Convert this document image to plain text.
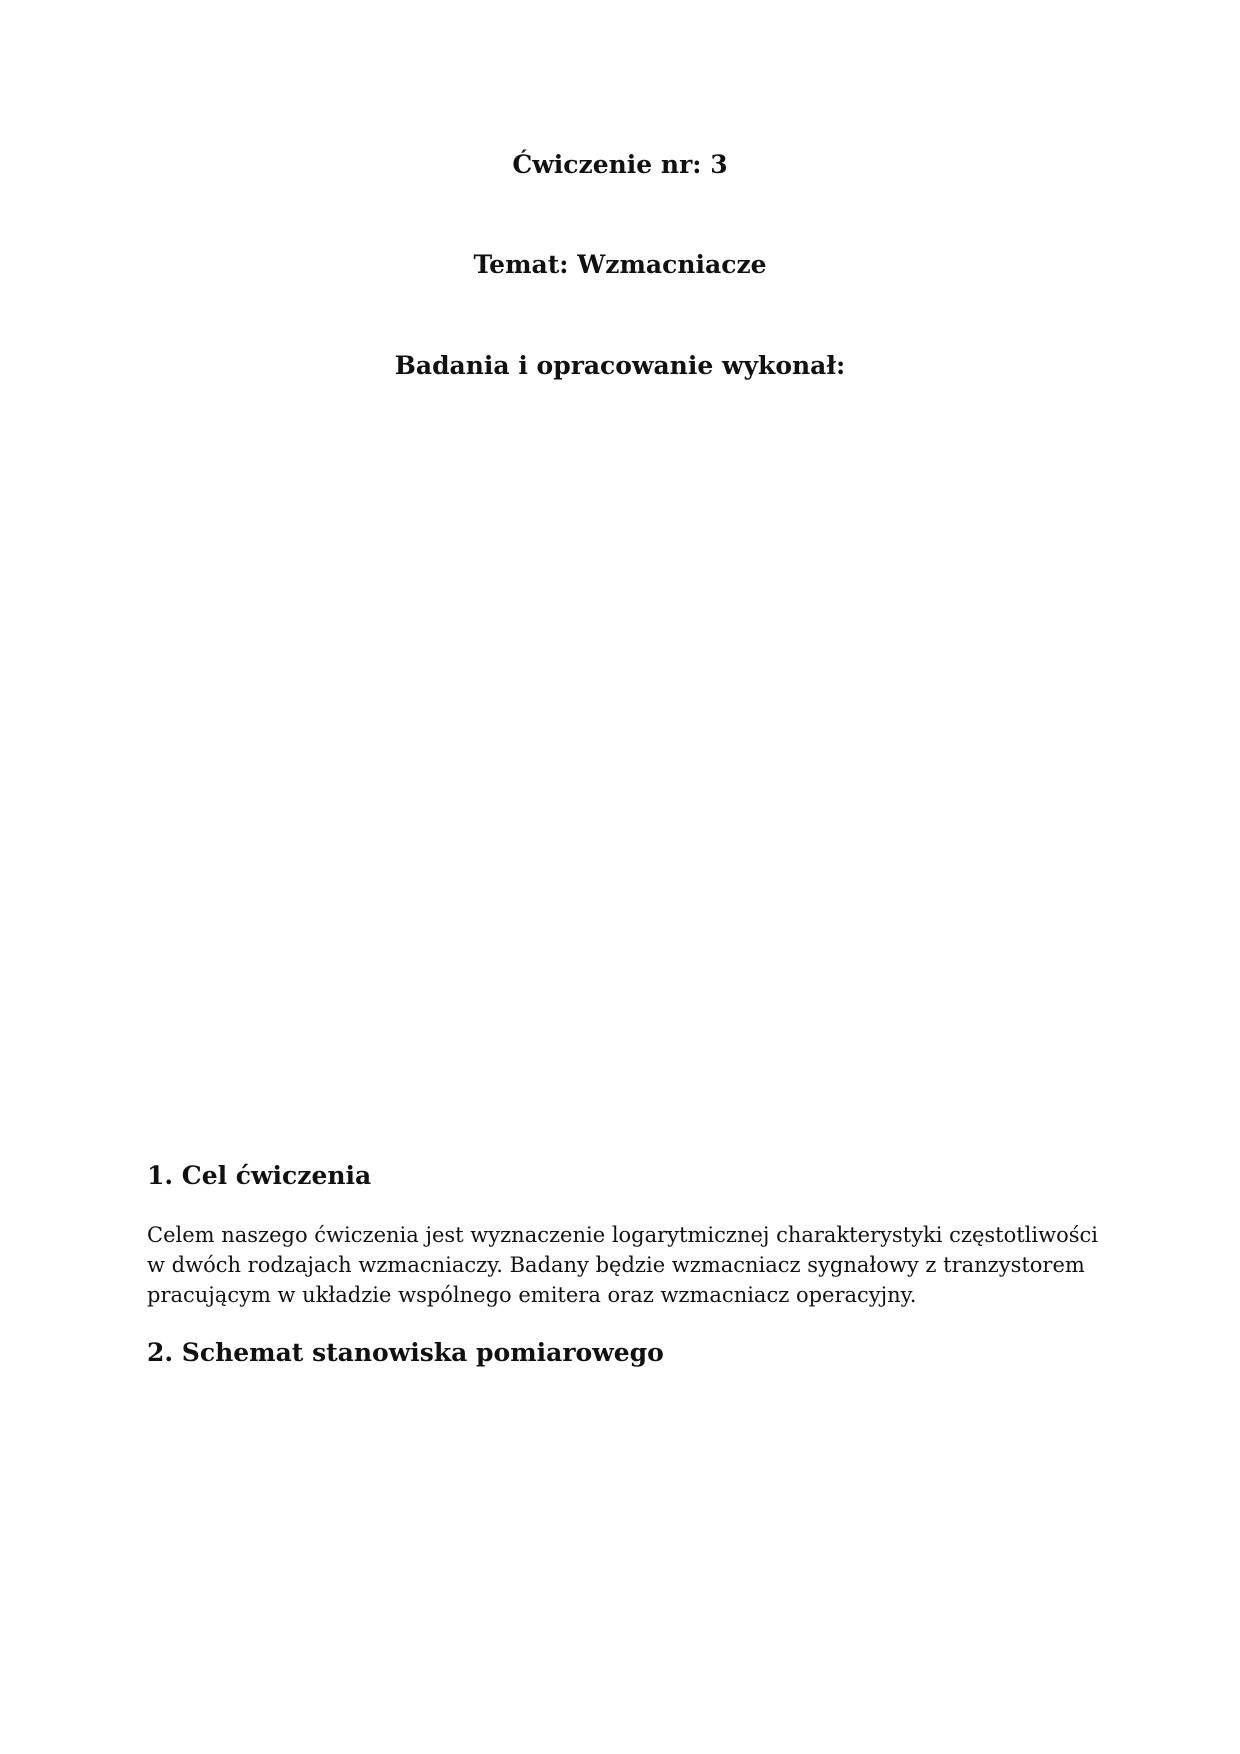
Ćwiczenie nr: 3
Temat: Wzmacniacze
Badania i opracowanie wykonał:
1. Cel ćwiczenia

Celem naszego ćwiczenia jest wyznaczenie logarytmicznej charakterystyki częstotliwości
w dwóch rodzajach wzmacniaczy. Badany będzie wzmacniacz sygnałowy z tranzystorem
pracującym w układzie wspólnego emitera oraz wzmacniacz operacyjny.

2. Schemat stanowiska pomiarowego
